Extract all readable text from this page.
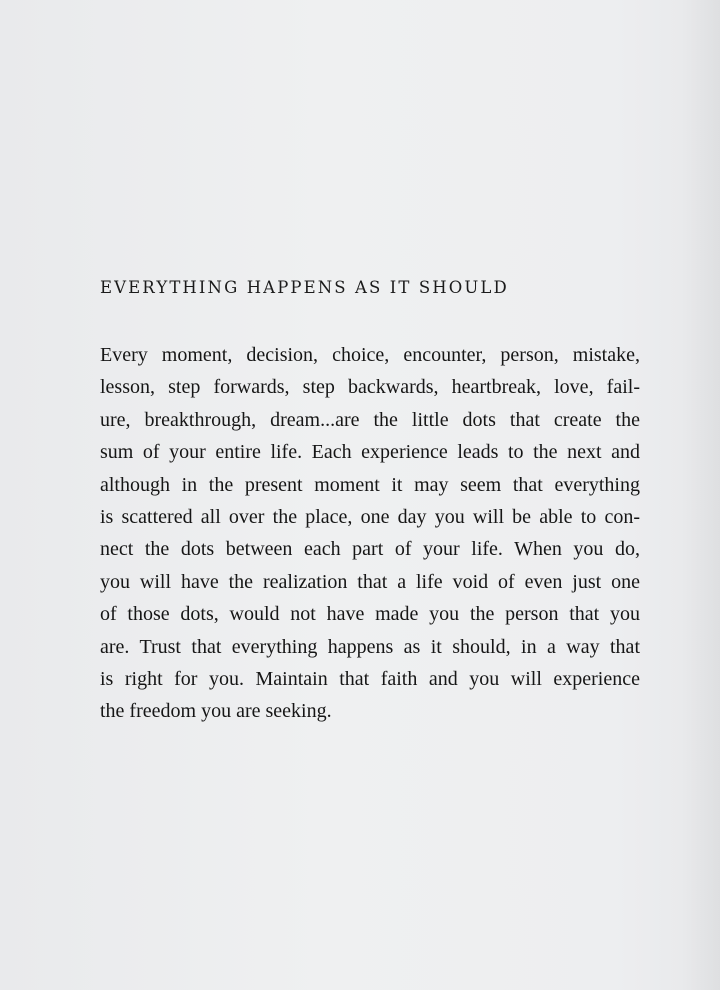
EVERYTHING HAPPENS AS IT SHOULD
Every moment, decision, choice, encounter, person, mistake,
lesson, step forwards, step backwards, heartbreak, love, fail-
ure, breakthrough, dream...are the little dots that create the
sum of your entire life. Each experience leads to the next and
although in the present moment it may seem that everything
is scattered all over the place, one day you will be able to con-
nect the dots between each part of your life. When you do,
you will have the realization that a life void of even just one
of those dots, would not have made you the person that you
are. Trust that everything happens as it should, in a way that
is right for you. Maintain that faith and you will experience
the freedom you are seeking.
